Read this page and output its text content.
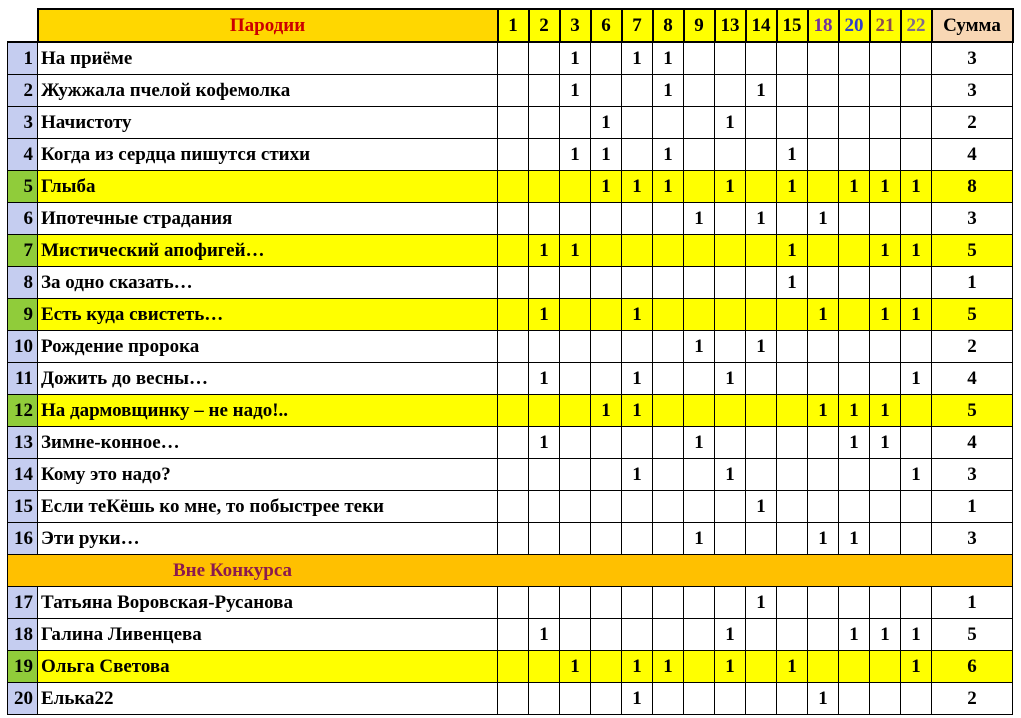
	Пародии	1	2	3	6	7	8	9	13	14	15	18	20	21	22	Сумма
1	На приёме			1		1	1									3
2	Жужжала пчелой кофемолка			1			1			1						3
3	Начистоту				1				1							2
4	Когда из сердца пишутся стихи			1	1		1				1					4
5	Глыба				1	1	1		1		1		1	1	1	8
6	Ипотечные страдания							1		1		1				3
7	Мистический апофигей…		1	1							1			1	1	5
8	За одно сказать…										1					1
9	Есть куда свистеть…		1			1						1		1	1	5
10	Рождение пророка							1		1						2
11	Дожить до весны…		1			1			1						1	4
12	На дармовщинку – не надо!..				1	1						1	1	1		5
13	Зимне-конное…		1					1					1	1		4
14	Кому это надо?					1			1						1	3
15	Если теКёшь ко мне, то побыстрее теки									1						1
16	Эти руки…							1				1	1			3
Вне Конкурса																
17	Татьяна Воровская-Русанова									1						1
18	Галина Ливенцева		1						1				1	1	1	5
19	Ольга Светова			1		1	1		1		1				1	6
20	Елька22					1						1				2
